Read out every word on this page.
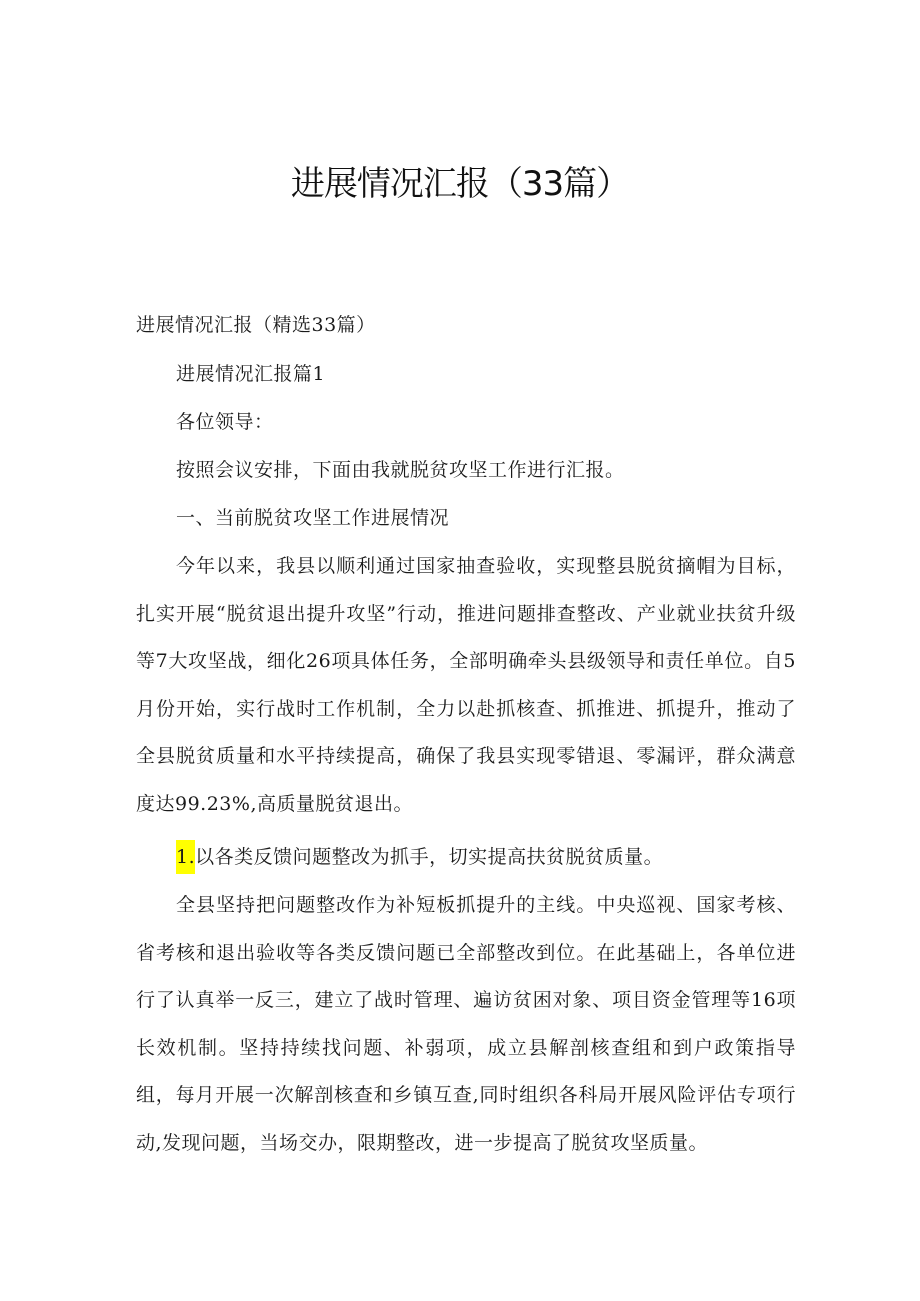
进展情况汇报（33篇）
进展情况汇报（精选33篇）
进展情况汇报篇1
各位领导：
按照会议安排，下面由我就脱贫攻坚工作进行汇报。
一、当前脱贫攻坚工作进展情况

今年以来，我县以顺利通过国家抽查验收，实现整县脱贫摘帽为目标，扎实开展“脱贫退出提升攻坚”行动，推进问题排查整改、产业就业扶贫升级等7大攻坚战，细化26项具体任务，全部明确牵头县级领导和责任单位。自5月份开始，实行战时工作机制，全力以赴抓核查、抓推进、抓提升，推动了全县脱贫质量和水平持续提高，确保了我县实现零错退、零漏评，群众满意度达99.23%,高质量脱贫退出。

1.以各类反馈问题整改为抓手，切实提高扶贫脱贫质量。

全县坚持把问题整改作为补短板抓提升的主线。中央巡视、国家考核、省考核和退出验收等各类反馈问题已全部整改到位。在此基础上，各单位进行了认真举一反三，建立了战时管理、遍访贫困对象、项目资金管理等16项长效机制。坚持持续找问题、补弱项，成立县解剖核查组和到户政策指导组，每月开展一次解剖核查和乡镇互查,同时组织各科局开展风险评估专项行动,发现问题，当场交办，限期整改，进一步提高了脱贫攻坚质量。
